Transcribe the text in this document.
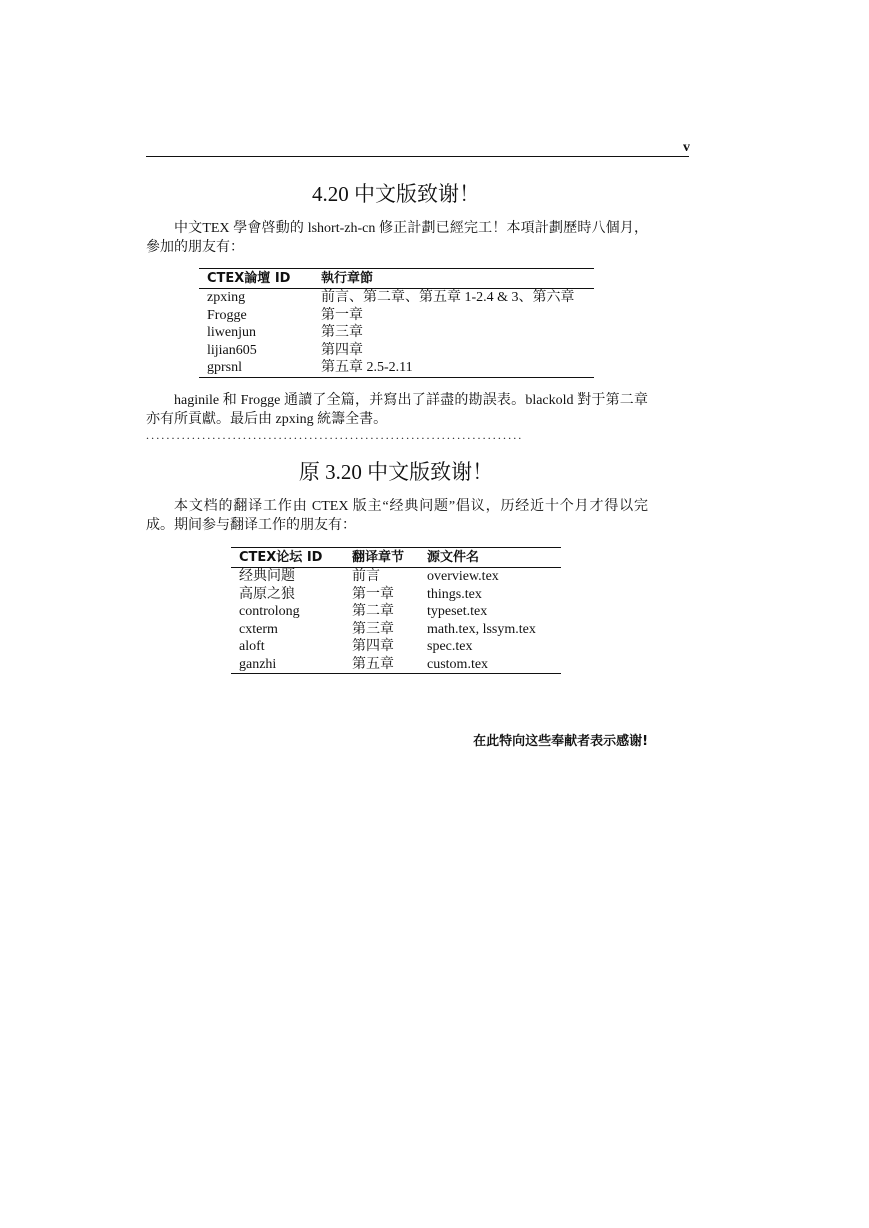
v
4.20 中文版致谢！

中文TEX 學會啓動的 lshort-zh-cn 修正計劃已經完工！本項計劃歷時八個月，參加的朋友有：

CTEX論壇 ID	執行章節
zpxing	前言、第二章、第五章 1-2.4 & 3、第六章
Frogge	第一章
liwenjun	第三章
lijian605	第四章
gprsnl	第五章 2.5-2.11

haginile 和 Frogge 通讀了全篇，并寫出了詳盡的勘誤表。blackold 對于第二章亦有所貢獻。最后由 zpxing 統籌全書。

..........................................................................
原 3.20 中文版致谢！

本文档的翻译工作由 CTEX 版主“经典问题”倡议，历经近十个月才得以完成。期间参与翻译工作的朋友有：

CTEX论坛 ID	翻译章节	源文件名
经典问题	前言	overview.tex
高原之狼	第一章	things.tex
controlong	第二章	typeset.tex
cxterm	第三章	math.tex, lssym.tex
aloft	第四章	spec.tex
ganzhi	第五章	custom.tex
在此特向这些奉献者表示感谢!
